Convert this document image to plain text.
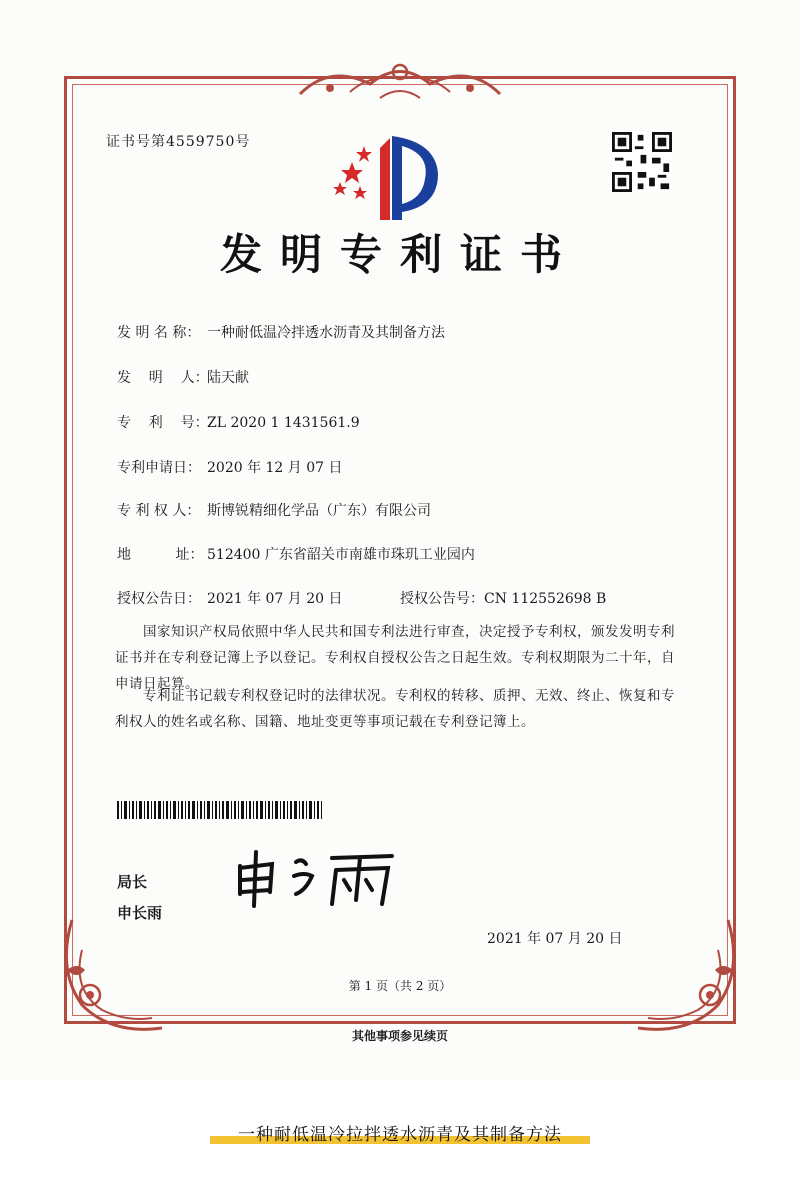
证书号第4559750号
发明专利证书
发 明 名 称： 一种耐低温冷拌透水沥青及其制备方法
发    明    人：陆天献
专    利    号：ZL 2020 1 1431561.9
专利申请日： 2020 年 12 月 07 日
专 利 权 人： 斯博锐精细化学品（广东）有限公司
地          址： 512400 广东省韶关市南雄市珠玑工业园内
授权公告日： 2021 年 07 月 20 日	授权公告号：CN 112552698 B
国家知识产权局依照中华人民共和国专利法进行审查，决定授予专利权，颁发发明专利证书并在专利登记簿上予以登记。专利权自授权公告之日起生效。专利权期限为二十年，自申请日起算。
专利证书记载专利权登记时的法律状况。专利权的转移、质押、无效、终止、恢复和专利权人的姓名或名称、国籍、地址变更等事项记载在专利登记簿上。
局长
申长雨
2021 年 07 月 20 日
第 1 页（共 2 页）
其他事项参见续页
一种耐低温冷拉拌透水沥青及其制备方法
